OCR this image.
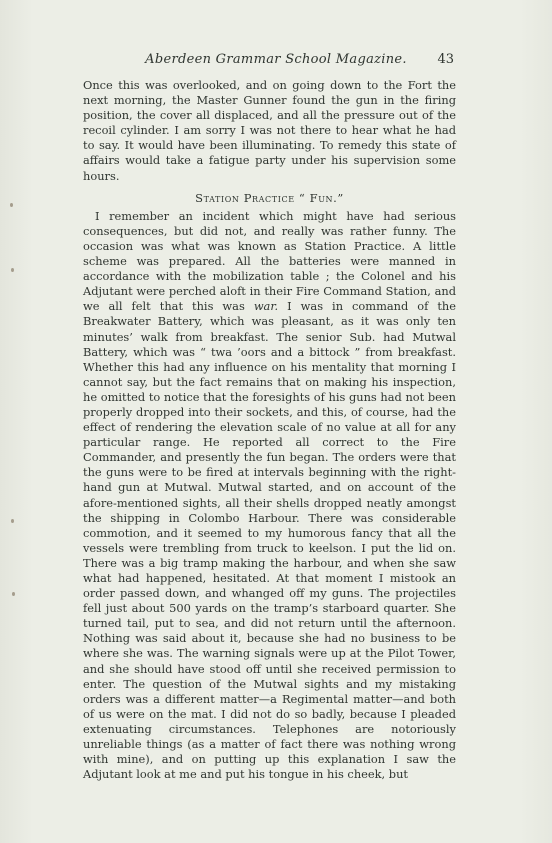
Aberdeen Grammar School Magazine.	43

Once this was overlooked, and on going down to the Fort the next morning, the Master Gunner found the gun in the firing position, the cover all displaced, and all the pressure out of the recoil cylinder. I am sorry I was not there to hear what he had to say. It would have been illuminating. To remedy this state of affairs would take a fatigue party under his supervision some hours.

Station Practice “ Fun.”

I remember an incident which might have had serious consequences, but did not, and really was rather funny. The occasion was what was known as Station Practice. A little scheme was prepared. All the batteries were manned in accordance with the mobilization table ; the Colonel and his Adjutant were perched aloft in their Fire Command Station, and we all felt that this was war. I was in command of the Breakwater Battery, which was pleasant, as it was only ten minutes’ walk from breakfast. The senior Sub. had Mutwal Battery, which was “ twa ’oors and a bittock ” from breakfast. Whether this had any influence on his mentality that morning I cannot say, but the fact remains that on making his inspection, he omitted to notice that the foresights of his guns had not been properly dropped into their sockets, and this, of course, had the effect of rendering the elevation scale of no value at all for any particular range. He reported all correct to the Fire Commander, and presently the fun began. The orders were that the guns were to be fired at intervals beginning with the right-hand gun at Mutwal. Mutwal started, and on account of the afore-mentioned sights, all their shells dropped neatly amongst the shipping in Colombo Harbour. There was considerable commotion, and it seemed to my humorous fancy that all the vessels were trembling from truck to keelson. I put the lid on. There was a big tramp making the harbour, and when she saw what had happened, hesitated. At that moment I mistook an order passed down, and whanged off my guns. The projectiles fell just about 500 yards on the tramp’s starboard quarter. She turned tail, put to sea, and did not return until the afternoon. Nothing was said about it, because she had no business to be where she was. The warning signals were up at the Pilot Tower, and she should have stood off until she received permission to enter. The question of the Mutwal sights and my mistaking orders was a different matter—a Regimental matter—and both of us were on the mat. I did not do so badly, because I pleaded extenuating circumstances. Telephones are notoriously unreliable things (as a matter of fact there was nothing wrong with mine), and on putting up this explanation I saw the Adjutant look at me and put his tongue in his cheek, but
